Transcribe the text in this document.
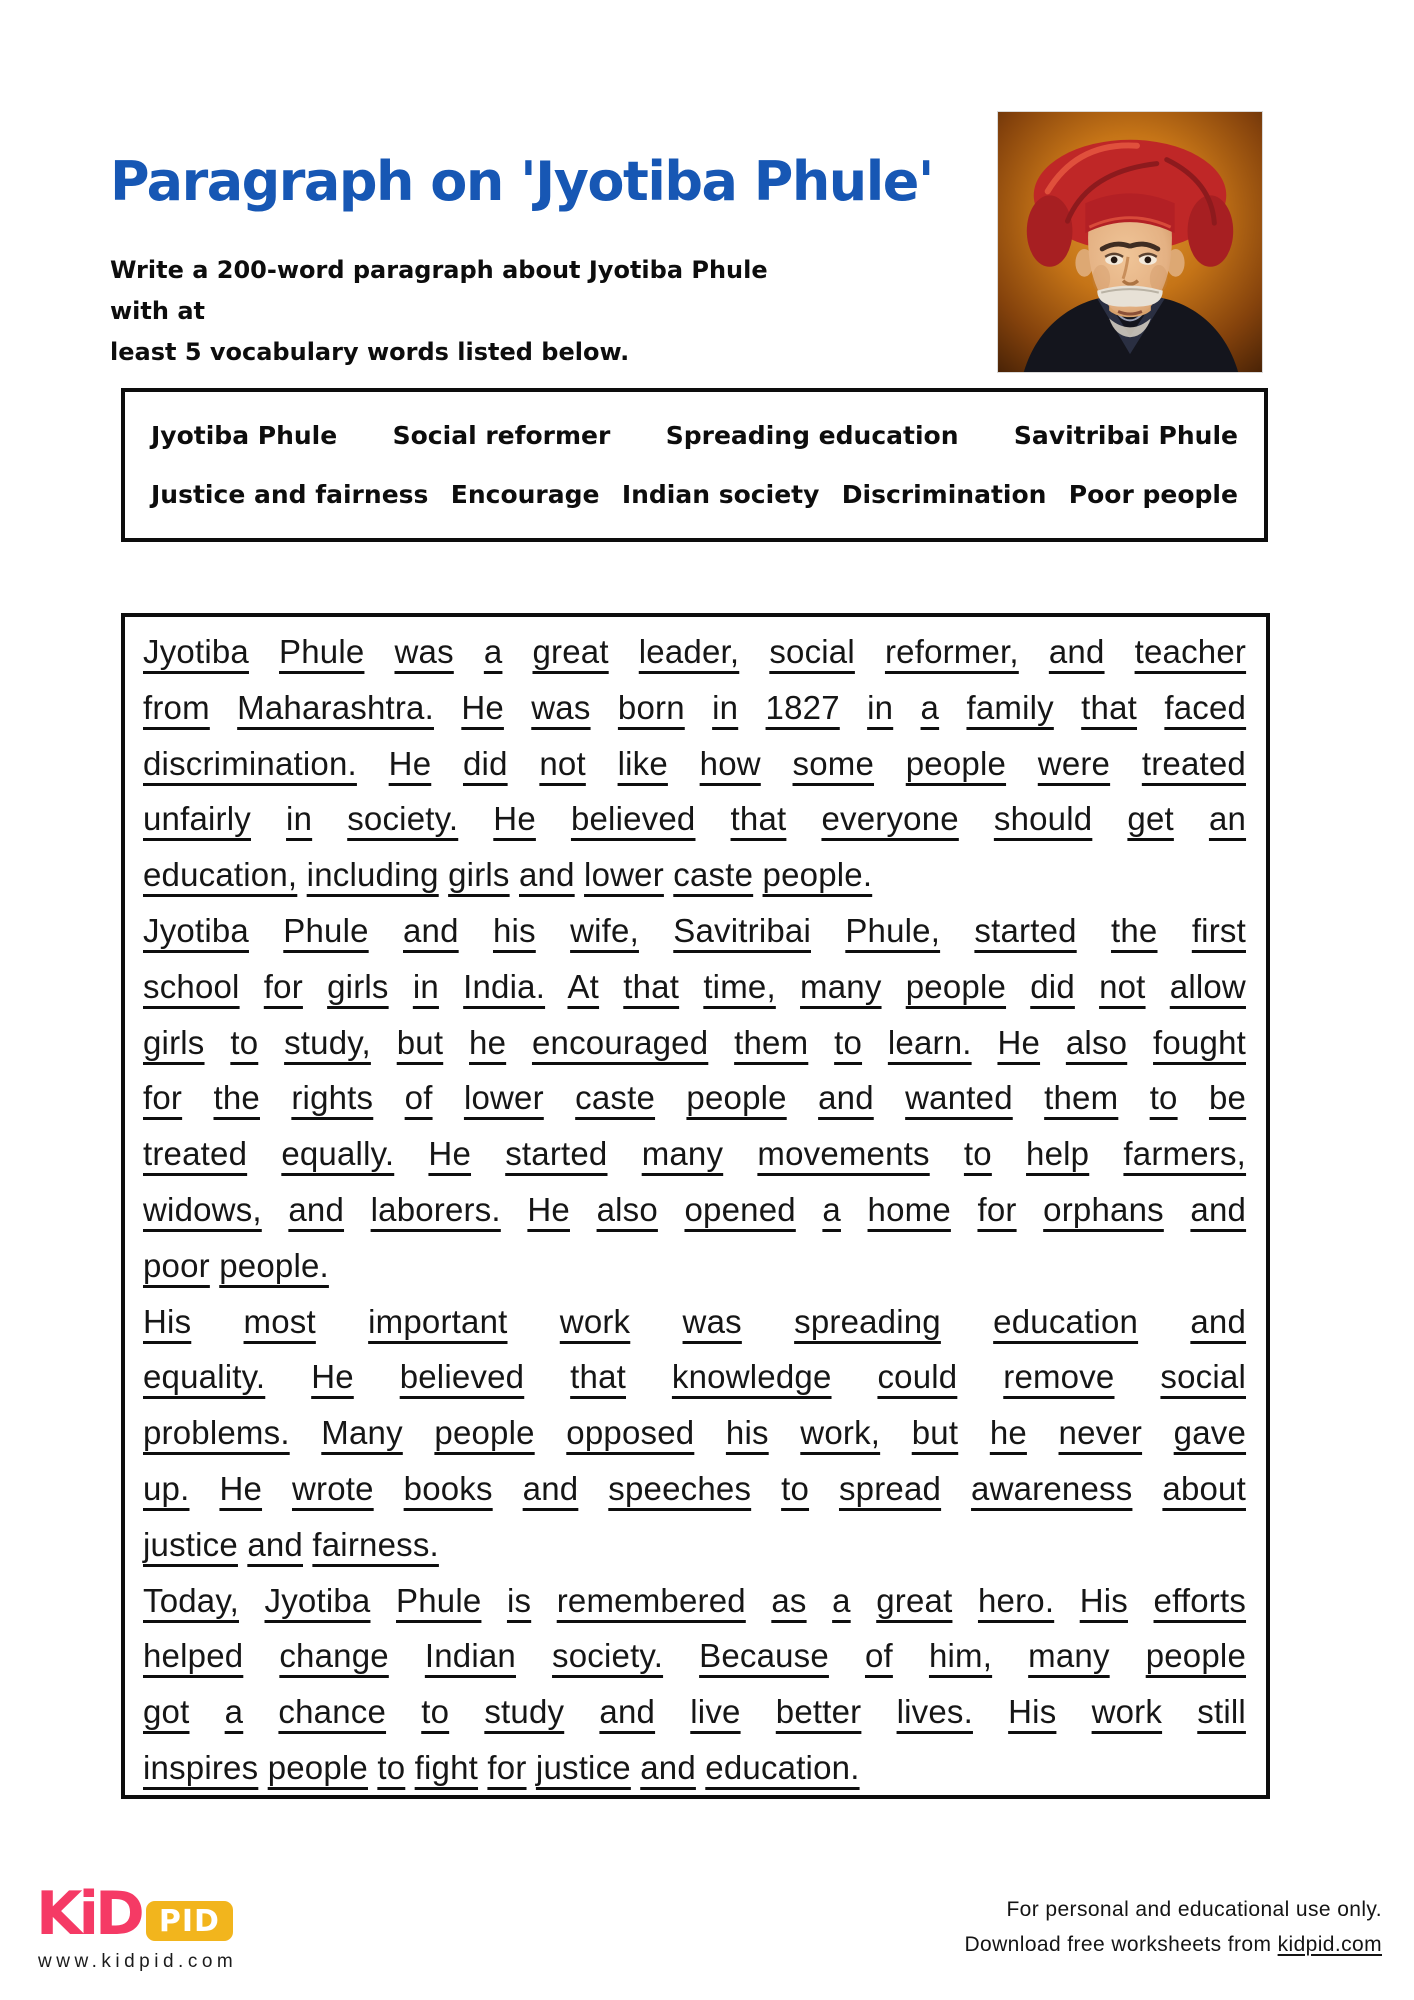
Paragraph on 'Jyotiba Phule'
Write a 200-word paragraph about Jyotiba Phule with at
least 5 vocabulary words listed below.
Jyotiba Phule Social reformer Spreading education Savitribai Phule
Justice and fairness Encourage Indian society Discrimination Poor people
Jyotiba Phule was a great leader, social reformer, and teacher
from Maharashtra. He was born in 1827 in a family that faced
discrimination. He did not like how some people were treated
unfairly in society. He believed that everyone should get an
education, including girls and lower caste people.
Jyotiba Phule and his wife, Savitribai Phule, started the first
school for girls in India. At that time, many people did not allow
girls to study, but he encouraged them to learn. He also fought
for the rights of lower caste people and wanted them to be
treated equally. He started many movements to help farmers,
widows, and laborers. He also opened a home for orphans and
poor people.
His most important work was spreading education and
equality. He believed that knowledge could remove social
problems. Many people opposed his work, but he never gave
up. He wrote books and speeches to spread awareness about
justice and fairness.
Today, Jyotiba Phule is remembered as a great hero. His efforts
helped change Indian society. Because of him, many people
got a chance to study and live better lives. His work still
inspires people to fight for justice and education.
KiD PID
www.kidpid.com
For personal and educational use only.
Download free worksheets from kidpid.com
